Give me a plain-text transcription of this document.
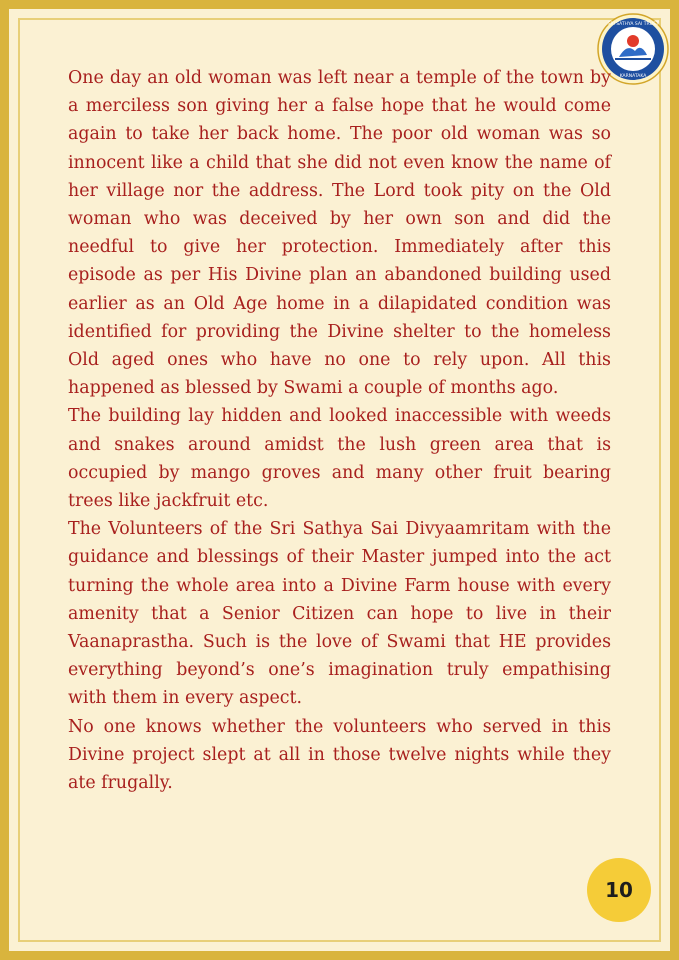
SRI SATHYA SAI TRUST
KARNATAKA

One day an old woman was left near a temple of the town by a merciless son giving her a false hope that he would come again to take her back home. The poor old woman was so innocent like a child that she did not even know the name of her village nor the address. The Lord took pity on the Old woman who was deceived by her own son and did the needful to give her protection. Immediately after this episode as per His Divine plan an abandoned building used earlier as an Old Age home in a dilapidated condition was identified for providing the Divine shelter to the homeless Old aged ones who have no one to rely upon. All this happened as blessed by Swami a couple of months ago.

The building lay hidden and looked inaccessible with weeds and snakes around amidst the lush green area that is occupied by mango groves and many other fruit bearing trees like jackfruit etc.

The Volunteers of the Sri Sathya Sai Divyaamritam with the guidance and blessings of their Master jumped into the act turning the whole area into a Divine Farm house with every amenity that a Senior Citizen can hope to live in their Vaanaprastha. Such is the love of Swami that HE provides everything beyond’s one’s imagination truly empathising with them in every aspect.

No one knows whether the volunteers who served in this Divine project slept at all in those twelve nights while they ate frugally.

10
